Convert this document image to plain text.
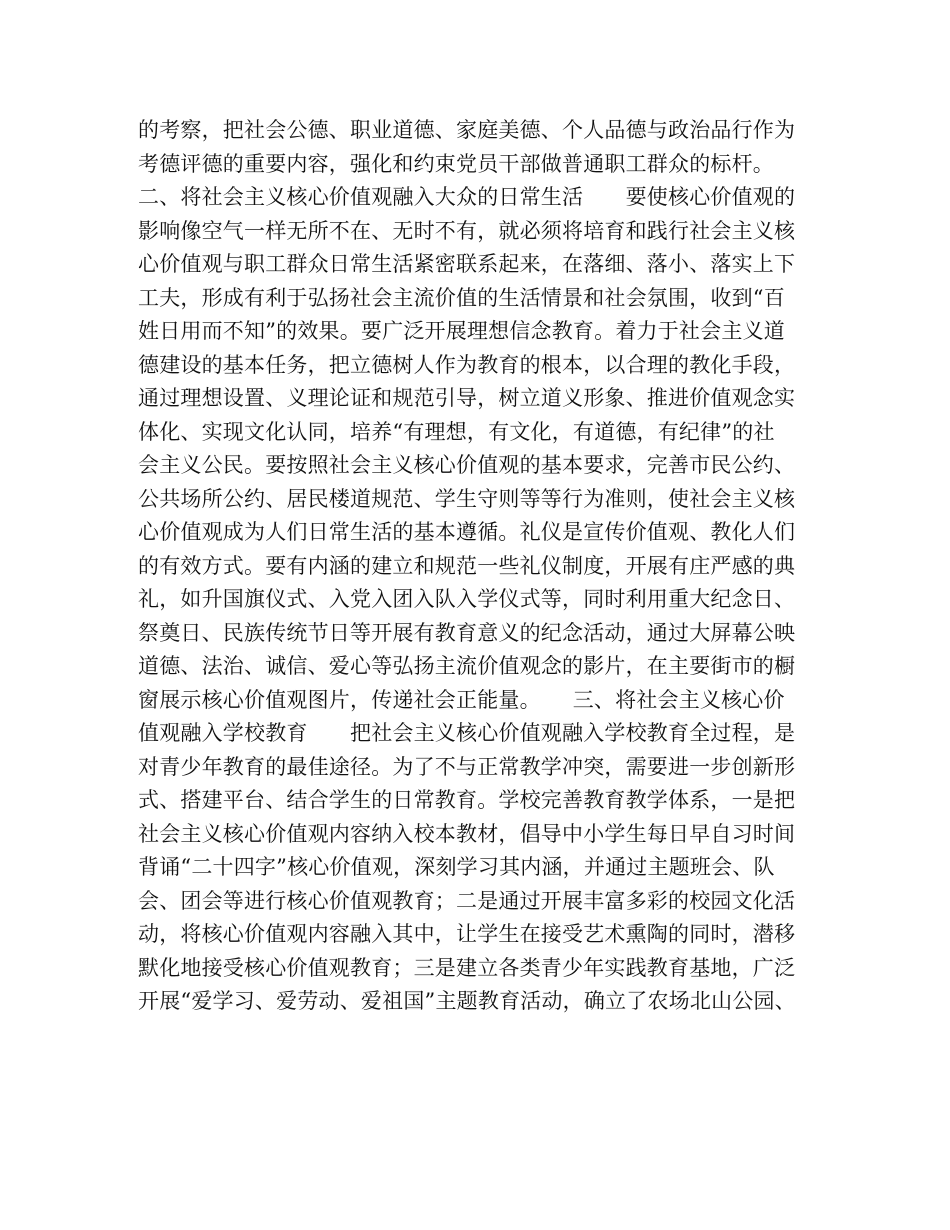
的考察，把社会公德、职业道德、家庭美德、个人品德与政治品行作为
考德评德的重要内容，强化和约束党员干部做普通职工群众的标杆。
二、将社会主义核心价值观融入大众的日常生活　　要使核心价值观的
影响像空气一样无所不在、无时不有，就必须将培育和践行社会主义核
心价值观与职工群众日常生活紧密联系起来，在落细、落小、落实上下
工夫，形成有利于弘扬社会主流价值的生活情景和社会氛围，收到“百
姓日用而不知”的效果。要广泛开展理想信念教育。着力于社会主义道
德建设的基本任务，把立德树人作为教育的根本，以合理的教化手段，
通过理想设置、义理论证和规范引导，树立道义形象、推进价值观念实
体化、实现文化认同，培养“有理想，有文化，有道德，有纪律”的社
会主义公民。要按照社会主义核心价值观的基本要求，完善市民公约、
公共场所公约、居民楼道规范、学生守则等等行为准则，使社会主义核
心价值观成为人们日常生活的基本遵循。礼仪是宣传价值观、教化人们
的有效方式。要有内涵的建立和规范一些礼仪制度，开展有庄严感的典
礼，如升国旗仪式、入党入团入队入学仪式等，同时利用重大纪念日、
祭奠日、民族传统节日等开展有教育意义的纪念活动，通过大屏幕公映
道德、法治、诚信、爱心等弘扬主流价值观念的影片，在主要街市的橱
窗展示核心价值观图片，传递社会正能量。　　三、将社会主义核心价
值观融入学校教育　　把社会主义核心价值观融入学校教育全过程，是
对青少年教育的最佳途径。为了不与正常教学冲突，需要进一步创新形
式、搭建平台、结合学生的日常教育。学校完善教育教学体系，一是把
社会主义核心价值观内容纳入校本教材，倡导中小学生每日早自习时间
背诵“二十四字”核心价值观，深刻学习其内涵，并通过主题班会、队
会、团会等进行核心价值观教育；二是通过开展丰富多彩的校园文化活
动，将核心价值观内容融入其中，让学生在接受艺术熏陶的同时，潜移
默化地接受核心价值观教育；三是建立各类青少年实践教育基地，广泛
开展“爱学习、爱劳动、爱祖国”主题教育活动，确立了农场北山公园、
